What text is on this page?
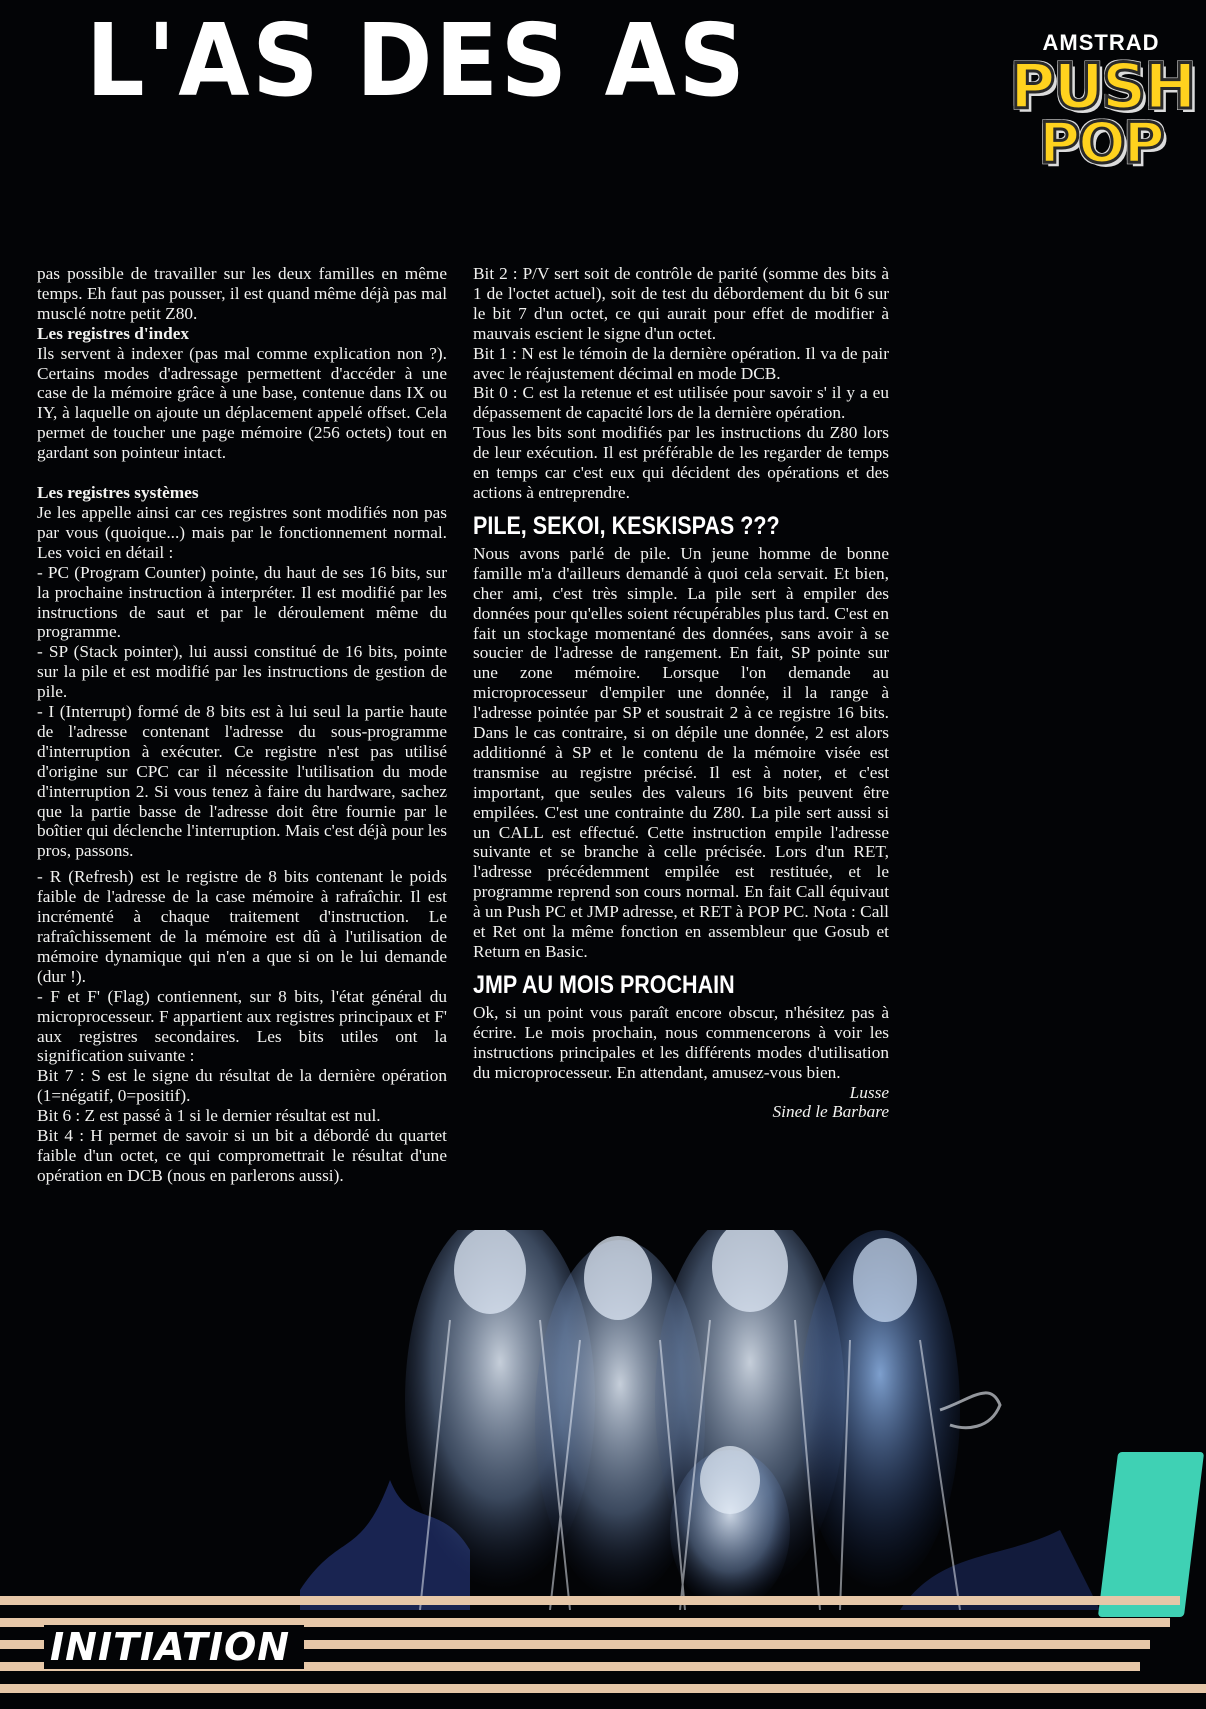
L'AS DES AS	AMSTRAD
PUSH
POP

pas possible de travailler sur les deux familles en même temps. Eh faut pas pousser, il est quand même déjà pas mal musclé notre petit Z80.

Les registres d'index

Ils servent à indexer (pas mal comme explication non ?). Certains modes d'adressage permettent d'accéder à une case de la mémoire grâce à une base, contenue dans IX ou IY, à laquelle on ajoute un déplacement appelé offset. Cela permet de toucher une page mémoire (256 octets) tout en gardant son pointeur intact.

Les registres systèmes

Je les appelle ainsi car ces registres sont modifiés non pas par vous (quoique...) mais par le fonctionnement normal. Les voici en détail :

- PC (Program Counter) pointe, du haut de ses 16 bits, sur la prochaine instruction à interpréter. Il est modifié par les instructions de saut et par le déroulement même du programme.

- SP (Stack pointer), lui aussi constitué de 16 bits, pointe sur la pile et est modifié par les instructions de gestion de pile.

- I (Interrupt) formé de 8 bits est à lui seul la partie haute de l'adresse contenant l'adresse du sous-programme d'interruption à exécuter. Ce registre n'est pas utilisé d'origine sur CPC car il nécessite l'utilisation du mode d'interruption 2. Si vous tenez à faire du hardware, sachez que la partie basse de l'adresse doit être fournie par le boîtier qui déclenche l'interruption. Mais c'est déjà pour les pros, passons.

- R (Refresh) est le registre de 8 bits contenant le poids faible de l'adresse de la case mémoire à rafraîchir. Il est incrémenté à chaque traitement d'instruction. Le rafraîchissement de la mémoire est dû à l'utilisation de mémoire dynamique qui n'en a que si on le lui demande (dur !).

- F et F' (Flag) contiennent, sur 8 bits, l'état général du microprocesseur. F appartient aux registres principaux et F' aux registres secondaires. Les bits utiles ont la signification suivante :

Bit 7 : S est le signe du résultat de la dernière opération (1=négatif, 0=positif).

Bit 6 : Z est passé à 1 si le dernier résultat est nul.

Bit 4 : H permet de savoir si un bit a débordé du quartet faible d'un octet, ce qui compromettrait le résultat d'une opération en DCB (nous en parlerons aussi).

Bit 2 : P/V sert soit de contrôle de parité (somme des bits à 1 de l'octet actuel), soit de test du débordement du bit 6 sur le bit 7 d'un octet, ce qui aurait pour effet de modifier à mauvais escient le signe d'un octet.

Bit 1 : N est le témoin de la dernière opération. Il va de pair avec le réajustement décimal en mode DCB.

Bit 0 : C est la retenue et est utilisée pour savoir s' il y a eu dépassement de capacité lors de la dernière opération.

Tous les bits sont modifiés par les instructions du Z80 lors de leur exécution. Il est préférable de les regarder de temps en temps car c'est eux qui décident des opérations et des actions à entreprendre.

PILE, SEKOI, KESKISPAS ???

Nous avons parlé de pile. Un jeune homme de bonne famille m'a d'ailleurs demandé à quoi cela servait. Et bien, cher ami, c'est très simple. La pile sert à empiler des données pour qu'elles soient récupérables plus tard. C'est en fait un stockage momentané des données, sans avoir à se soucier de l'adresse de rangement. En fait, SP pointe sur une zone mémoire. Lorsque l'on demande au microprocesseur d'empiler une donnée, il la range à l'adresse pointée par SP et soustrait 2 à ce registre 16 bits. Dans le cas contraire, si on dépile une donnée, 2 est alors additionné à SP et le contenu de la mémoire visée est transmise au registre précisé. Il est à noter, et c'est important, que seules des valeurs 16 bits peuvent être empilées. C'est une contrainte du Z80. La pile sert aussi si un CALL est effectué. Cette instruction empile l'adresse suivante et se branche à celle précisée. Lors d'un RET, l'adresse précédemment empilée est restituée, et le programme reprend son cours normal. En fait Call équivaut à un Push PC et JMP adresse, et RET à POP PC. Nota : Call et Ret ont la même fonction en assembleur que Gosub et Return en Basic.

JMP AU MOIS PROCHAIN

Ok, si un point vous paraît encore obscur, n'hésitez pas à écrire. Le mois prochain, nous commencerons à voir les instructions principales et les différents modes d'utilisation du microprocesseur. En attendant, amusez-vous bien.

Lusse

Sined le Barbare

INITIATION
